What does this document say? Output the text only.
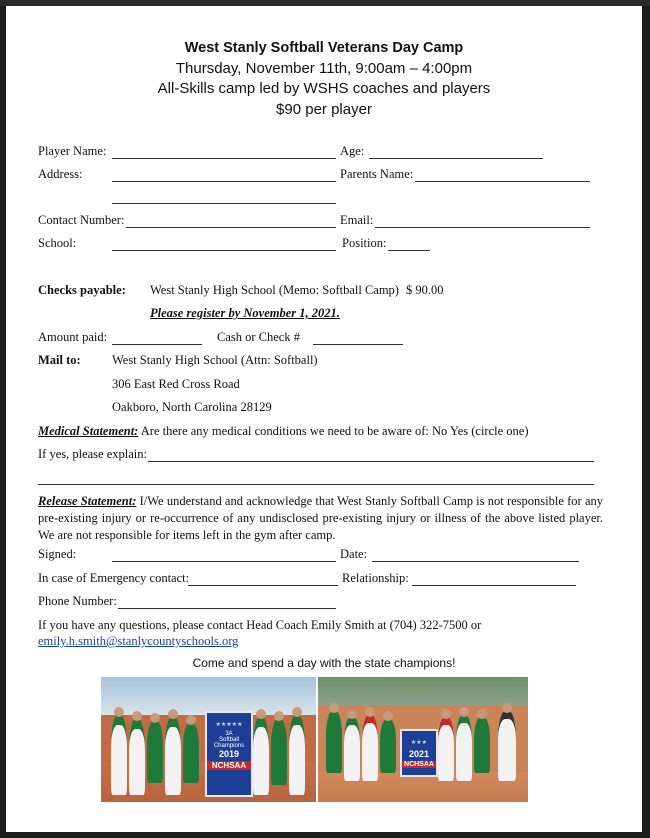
West Stanly Softball Veterans Day Camp
Thursday, November 11th, 9:00am – 4:00pm
All-Skills camp led by WSHS coaches and players
$90 per player
Player Name:	Age:
Address:	Parents Name:
Contact Number:	Email:
School:	Position:
Checks payable: West Stanly High School (Memo: Softball Camp) $ 90.00
Please register by November 1, 2021.
Amount paid:	Cash or Check #
Mail to:	West Stanly High School (Attn: Softball)
306 East Red Cross Road
Oakboro, North Carolina 28129
Medical Statement: Are there any medical conditions we need to be aware of: No Yes (circle one)
If yes, please explain:
Release Statement: I/We understand and acknowledge that West Stanly Softball Camp is not responsible for any pre-existing injury or re-occurrence of any undisclosed pre-existing injury or illness of the above listed player. We are not responsible for items left in the gym after camp.
Signed:	Date:
In case of Emergency contact:	Relationship:
Phone Number:
If you have any questions, please contact Head Coach Emily Smith at (704) 322-7500 or
emily.h.smith@stanlycountyschools.org
Come and spend a day with the state champions!
★★★★★
3A
Softball
Champions
2019
NCHSAA
★★★
2021
NCHSAA
